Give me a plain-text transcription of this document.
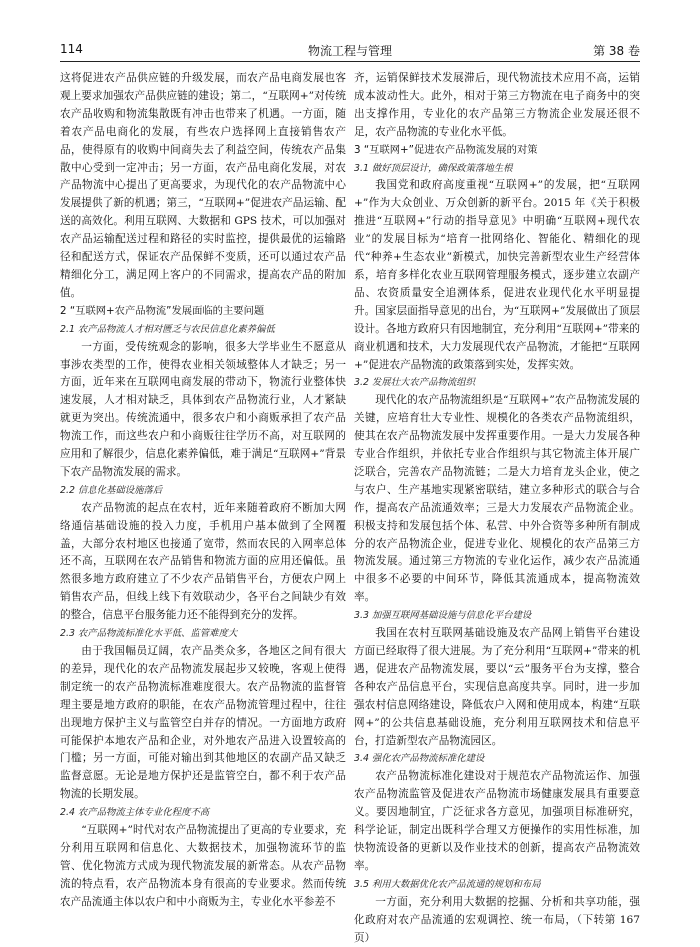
114	物流工程与管理	第 38 卷

这将促进农产品供应链的升级发展，而农产品电商发展也客观上要求加强农产品供应链的建设；第二，“互联网+”对传统农产品收购和物流集散既有冲击也带来了机遇。一方面，随着农产品电商化的发展，有些农户选择网上直接销售农产品，使得原有的收购中间商失去了利益空间，传统农产品集散中心受到一定冲击；另一方面，农产品电商化发展，对农产品物流中心提出了更高要求，为现代化的农产品物流中心发展提供了新的机遇；第三，“互联网+”促进农产品运输、配送的高效化。利用互联网、大数据和 GPS 技术，可以加强对农产品运输配送过程和路径的实时监控，提供最优的运输路径和配送方式，保证农产品保鲜不变质，还可以通过农产品精细化分工，满足网上客户的不同需求，提高农产品的附加值。

2 “互联网+农产品物流”发展面临的主要问题
2.1 农产品物流人才相对匮乏与农民信息化素养偏低

一方面，受传统观念的影响，很多大学毕业生不愿意从事涉农类型的工作，使得农业相关领域整体人才缺乏；另一方面，近年来在互联网电商发展的带动下，物流行业整体快速发展，人才相对缺乏，具体到农产品物流行业，人才紧缺就更为突出。传统流通中，很多农户和小商贩承担了农产品物流工作，而这些农户和小商贩往往学历不高，对互联网的应用和了解很少，信息化素养偏低，难于满足“互联网+”背景下农产品物流发展的需求。

2.2 信息化基础设施落后

农产品物流的起点在农村，近年来随着政府不断加大网络通信基础设施的投入力度，手机用户基本做到了全网覆盖，大部分农村地区也接通了宽带，然而农民的入网率总体还不高，互联网在农产品销售和物流方面的应用还偏低。虽然很多地方政府建立了不少农产品销售平台，方便农户网上销售农产品，但线上线下有效联动少，各平台之间缺少有效的整合，信息平台服务能力还不能得到充分的发挥。

2.3 农产品物流标准化水平低、监管难度大

由于我国幅员辽阔，农产品类众多，各地区之间有很大的差异，现代化的农产品物流发展起步又较晚，客观上使得制定统一的农产品物流标准难度很大。农产品物流的监督管理主要是地方政府的职能，在农产品物流管理过程中，往往出现地方保护主义与监管空白并存的情况。一方面地方政府可能保护本地农产品和企业，对外地农产品进入设置较高的门槛；另一方面，可能对输出到其他地区的农副产品又缺乏监督意愿。无论是地方保护还是监管空白，都不利于农产品物流的长期发展。

2.4 农产品物流主体专业化程度不高

“互联网+”时代对农产品物流提出了更高的专业要求，充分利用互联网和信息化、大数据技术，加强物流环节的监管、优化物流方式成为现代物流发展的新常态。从农产品物流的特点看，农产品物流本身有很高的专业要求。然而传统农产品流通主体以农户和中小商贩为主，专业化水平参差不

齐，运销保鲜技术发展滞后，现代物流技术应用不高，运销成本波动性大。此外，相对于第三方物流在电子商务中的突出支撑作用，专业化的农产品第三方物流企业发展还很不足，农产品物流的专业化水平低。

3 “互联网+”促进农产品物流发展的对策
3.1 做好顶层设计，确保政策落地生根

我国党和政府高度重视“互联网+”的发展，把“互联网+”作为大众创业、万众创新的新平台。2015 年《关于积极推进“互联网+”行动的指导意见》中明确“互联网+现代农业”的发展目标为“培育一批网络化、智能化、精细化的现代“种养+生态农业”新模式，加快完善新型农业生产经营体系，培育多样化农业互联网管理服务模式，逐步建立农副产品、农资质量安全追溯体系，促进农业现代化水平明显提升。国家层面指导意见的出台，为“互联网+”发展做出了顶层设计。各地方政府只有因地制宜，充分利用“互联网+”带来的商业机遇和技术，大力发展现代农产品物流，才能把“互联网+”促进农产品物流的政策落到实处，发挥实效。

3.2 发展壮大农产品物流组织

现代化的农产品物流组织是“互联网+”农产品物流发展的关键，应培育壮大专业性、规模化的各类农产品物流组织，使其在农产品物流发展中发挥重要作用。一是大力发展各种专业合作组织，并依托专业合作组织与其它物流主体开展广泛联合，完善农产品物流链；二是大力培育龙头企业，使之与农户、生产基地实现紧密联结，建立多种形式的联合与合作，提高农产品流通效率；三是大力发展农产品物流企业。积极支持和发展包括个体、私营、中外合资等多种所有制成分的农产品物流企业，促进专业化、规模化的农产品第三方物流发展。通过第三方物流的专业化运作，减少农产品流通中很多不必要的中间环节，降低其流通成本，提高物流效率。

3.3 加强互联网基础设施与信息化平台建设

我国在农村互联网基础设施及农产品网上销售平台建设方面已经取得了很大进展。为了充分利用“互联网+”带来的机遇，促进农产品物流发展，要以“云”服务平台为支撑，整合各种农产品信息平台，实现信息高度共享。同时，进一步加强农村信息网络建设，降低农户入网和使用成本，构建“互联网+”的公共信息基础设施，充分利用互联网技术和信息平台，打造新型农产品物流园区。

3.4 强化农产品物流标准化建设

农产品物流标准化建设对于规范农产品物流运作、加强农产品物流监管及促进农产品物流市场健康发展具有重要意义。要因地制宜，广泛征求各方意见，加强项目标准研究，科学论证，制定出既科学合理又方便操作的实用性标准，加快物流设备的更新以及作业技术的创新，提高农产品物流效率。

3.5 利用大数据优化农产品流通的规划和布局

一方面，充分利用大数据的挖掘、分析和共享功能，强化政府对农产品流通的宏观调控、统一布局，（下转第 167 页）
